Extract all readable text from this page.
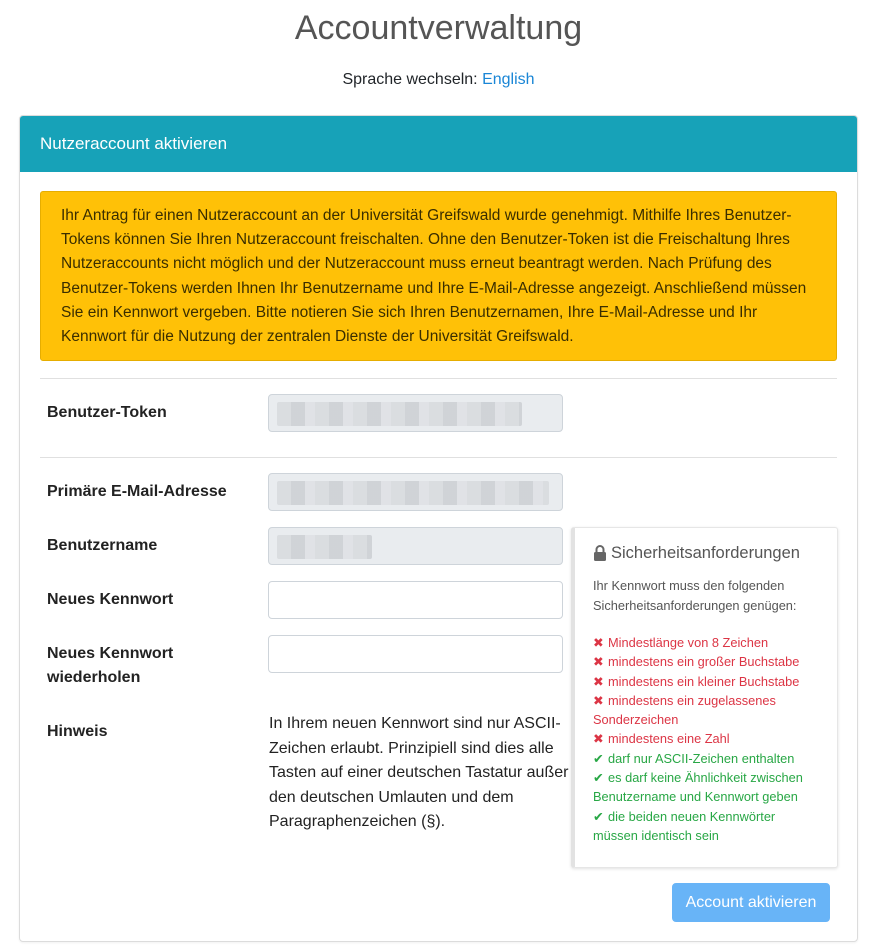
Accountverwaltung
Sprache wechseln: English
Nutzeraccount aktivieren
Ihr Antrag für einen Nutzeraccount an der Universität Greifswald wurde genehmigt. Mithilfe Ihres Benutzer-Tokens können Sie Ihren Nutzeraccount freischalten. Ohne den Benutzer-Token ist die Freischaltung Ihres Nutzeraccounts nicht möglich und der Nutzeraccount muss erneut beantragt werden. Nach Prüfung des Benutzer-Tokens werden Ihnen Ihr Benutzername und Ihre E-Mail-Adresse angezeigt. Anschließend müssen Sie ein Kennwort vergeben. Bitte notieren Sie sich Ihren Benutzernamen, Ihre E-Mail-Adresse und Ihr Kennwort für die Nutzung der zentralen Dienste der Universität Greifswald.
Benutzer-Token
Primäre E-Mail-Adresse
Benutzername
Neues Kennwort
Neues Kennwort wiederholen
Hinweis	In Ihrem neuen Kennwort sind nur ASCII-Zeichen erlaubt. Prinzipiell sind dies alle Tasten auf einer deutschen Tastatur außer den deutschen Umlauten und dem Paragraphenzeichen (§).
Sicherheitsanforderungen
Ihr Kennwort muss den folgenden Sicherheitsanforderungen genügen:
✖ Mindestlänge von 8 Zeichen
✖ mindestens ein großer Buchstabe
✖ mindestens ein kleiner Buchstabe
✖ mindestens ein zugelassenes Sonderzeichen
✖ mindestens eine Zahl
✔ darf nur ASCII-Zeichen enthalten
✔ es darf keine Ähnlichkeit zwischen Benutzername und Kennwort geben
✔ die beiden neuen Kennwörter müssen identisch sein
Account aktivieren
